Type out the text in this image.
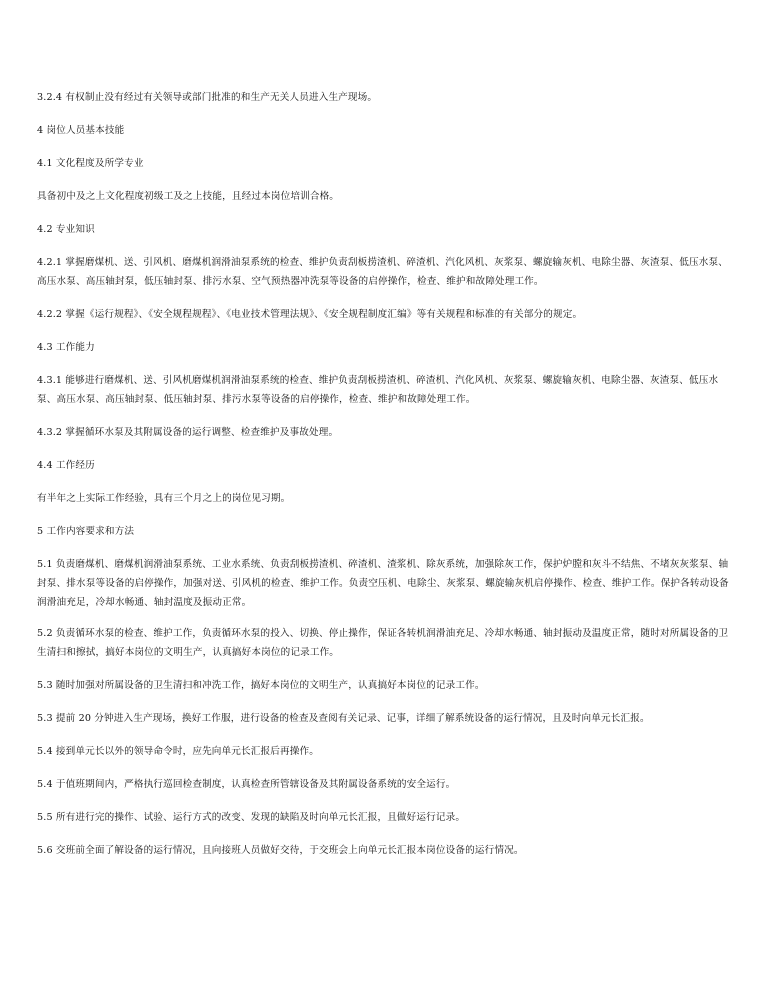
3.2.4 有权制止没有经过有关领导或部门批准的和生产无关人员进入生产现场。

4 岗位人员基本技能

4.1 文化程度及所学专业

具备初中及之上文化程度初级工及之上技能，且经过本岗位培训合格。

4.2 专业知识

4.2.1 掌握磨煤机、送、引风机、磨煤机润滑油泵系统的检查、维护负责刮板捞渣机、碎渣机、汽化风机、灰浆泵、螺旋输灰机、电除尘器、灰渣泵、低压水泵、高压水泵、高压轴封泵，低压轴封泵、排污水泵、空气预热器冲洗泵等设备的启停操作，检查、维护和故障处理工作。

4.2.2 掌握《运行规程》、《安全规程规程》、《电业技术管理法规》、《安全规程制度汇编》等有关规程和标准的有关部分的规定。

4.3 工作能力

4.3.1 能够进行磨煤机、送、引风机磨煤机润滑油泵系统的检查、维护负责刮板捞渣机、碎渣机、汽化风机、灰浆泵、螺旋输灰机、电除尘器、灰渣泵、低压水泵、高压水泵、高压轴封泵、低压轴封泵、排污水泵等设备的启停操作，检查、维护和故障处理工作。

4.3.2 掌握循环水泵及其附属设备的运行调整、检查维护及事故处理。

4.4 工作经历

有半年之上实际工作经验，具有三个月之上的岗位见习期。

5 工作内容要求和方法

5.1 负责磨煤机、磨煤机润滑油泵系统、工业水系统、负责刮板捞渣机、碎渣机、渣浆机、除灰系统，加强除灰工作，保护炉膛和灰斗不结焦、不堵灰灰浆泵、轴封泵、排水泵等设备的启停操作，加强对送、引风机的检查、维护工作。负责空压机、电除尘、灰浆泵、螺旋输灰机启停操作、检查、维护工作。保护各转动设备润滑油充足，冷却水畅通、轴封温度及振动正常。

5.2 负责循环水泵的检查、维护工作，负责循环水泵的投入、切换、停止操作，保证各转机润滑油充足、冷却水畅通、轴封振动及温度正常，随时对所属设备的卫生清扫和擦拭，搞好本岗位的文明生产，认真搞好本岗位的记录工作。

5.3 随时加强对所属设备的卫生清扫和冲洗工作，搞好本岗位的文明生产，认真搞好本岗位的记录工作。

5.3 提前 20 分钟进入生产现场，换好工作服，进行设备的检查及查阅有关记录、记事，详细了解系统设备的运行情况，且及时向单元长汇报。

5.4 接到单元长以外的领导命令时，应先向单元长汇报后再操作。

5.4 于值班期间内，严格执行巡回检查制度，认真检查所管辖设备及其附属设备系统的安全运行。

5.5 所有进行完的操作、试验、运行方式的改变、发现的缺陷及时向单元长汇报，且做好运行记录。

5.6 交班前全面了解设备的运行情况，且向接班人员做好交待，于交班会上向单元长汇报本岗位设备的运行情况。
